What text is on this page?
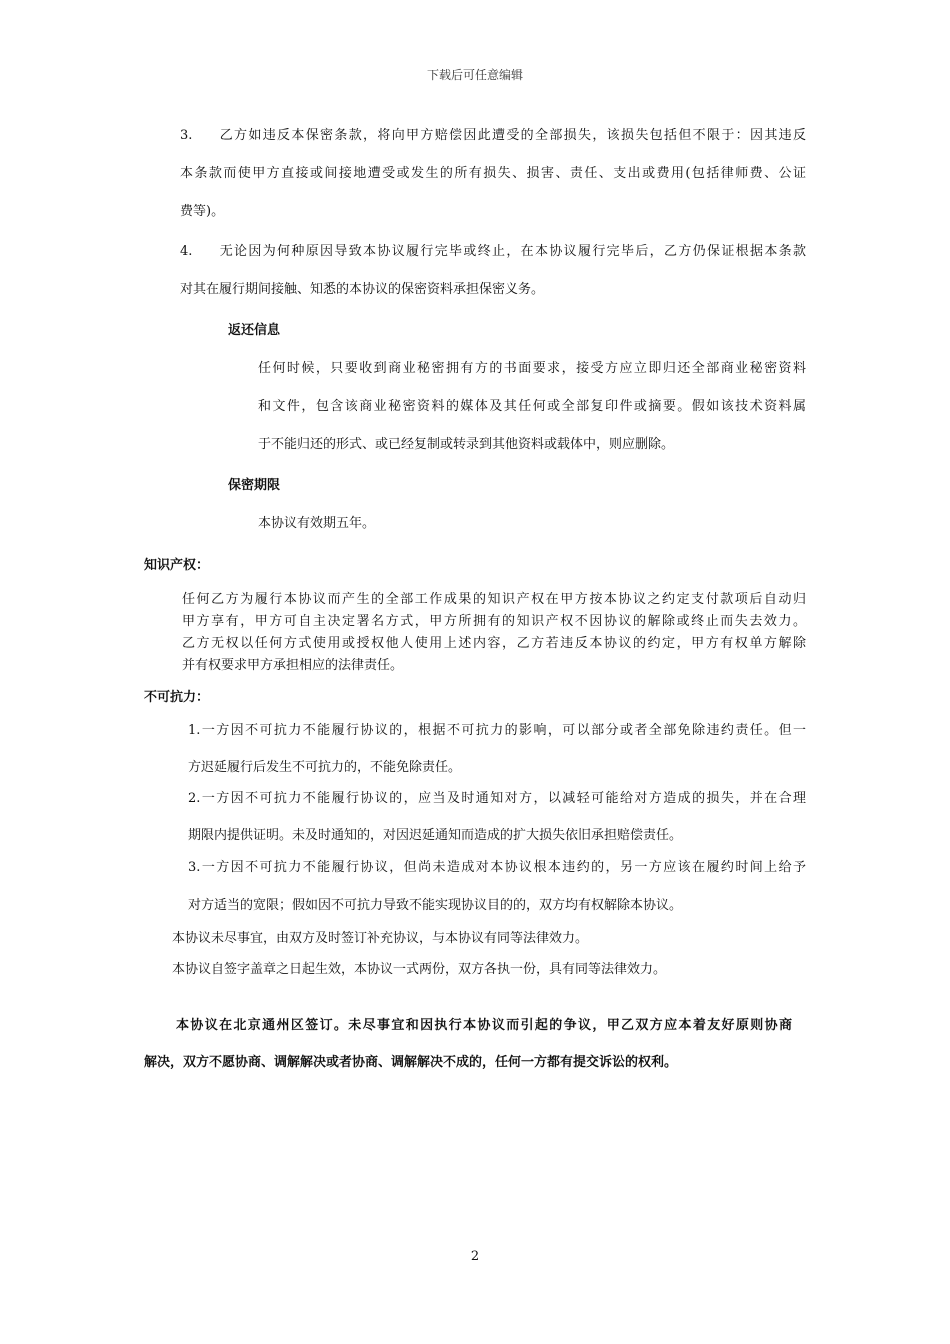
下载后可任意编辑
3.     乙方如违反本保密条款，将向甲方赔偿因此遭受的全部损失，该损失包括但不限于：因其违反
本条款而使甲方直接或间接地遭受或发生的所有损失、损害、责任、支出或费用(包括律师费、公证
费等)。
4.     无论因为何种原因导致本协议履行完毕或终止，在本协议履行完毕后，乙方仍保证根据本条款
对其在履行期间接触、知悉的本协议的保密资料承担保密义务。
返还信息
任何时候，只要收到商业秘密拥有方的书面要求，接受方应立即归还全部商业秘密资料
和文件，包含该商业秘密资料的媒体及其任何或全部复印件或摘要。假如该技术资料属
于不能归还的形式、或已经复制或转录到其他资料或载体中，则应删除。
保密期限
本协议有效期五年。
知识产权：
任何乙方为履行本协议而产生的全部工作成果的知识产权在甲方按本协议之约定支付款项后自动归
甲方享有，甲方可自主决定署名方式，甲方所拥有的知识产权不因协议的解除或终止而失去效力。
乙方无权以任何方式使用或授权他人使用上述内容，乙方若违反本协议的约定，甲方有权单方解除
并有权要求甲方承担相应的法律责任。
不可抗力：
1.一方因不可抗力不能履行协议的，根据不可抗力的影响，可以部分或者全部免除违约责任。但一
方迟延履行后发生不可抗力的，不能免除责任。
2.一方因不可抗力不能履行协议的，应当及时通知对方，以减轻可能给对方造成的损失，并在合理
期限内提供证明。未及时通知的，对因迟延通知而造成的扩大损失依旧承担赔偿责任。
3.一方因不可抗力不能履行协议，但尚未造成对本协议根本违约的，另一方应该在履约时间上给予
对方适当的宽限；假如因不可抗力导致不能实现协议目的的，双方均有权解除本协议。
本协议未尽事宜，由双方及时签订补充协议，与本协议有同等法律效力。
本协议自签字盖章之日起生效，本协议一式两份，双方各执一份，具有同等法律效力。
本协议在北京通州区签订。未尽事宜和因执行本协议而引起的争议，甲乙双方应本着友好原则协商
解决，双方不愿协商、调解解决或者协商、调解解决不成的，任何一方都有提交诉讼的权利。
2
